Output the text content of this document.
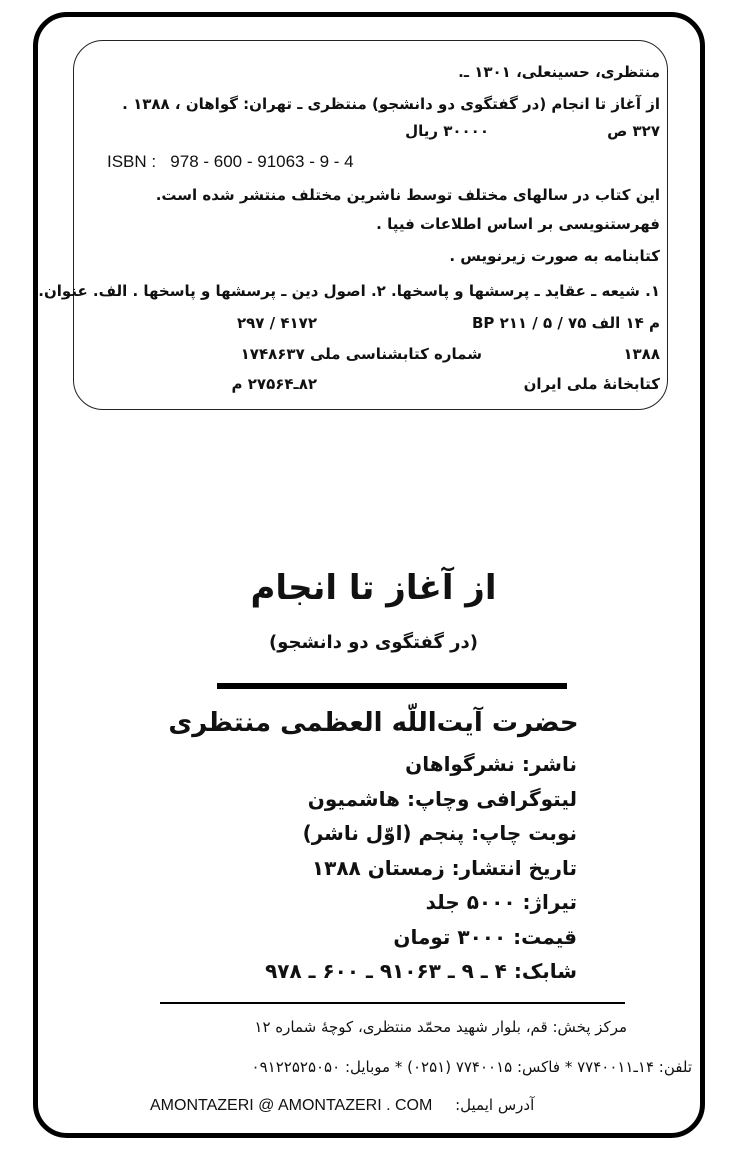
منتظری، حسینعلی، ۱۳۰۱ ـ.
از آغاز تا انجام (در گفتگوی دو دانشجو) منتظری ـ تهران: گواهان ، ۱۳۸۸ .
۳۲۷ ص
۳۰۰۰۰ ریال
ISBN : 978 - 600 - 91063 - 9 - 4
این کتاب در سالهای مختلف توسط ناشرین مختلف منتشر شده است.
فهرستنویسی بر اساس اطلاعات فیپا .
کتابنامه به صورت زیرنویس .
۱. شیعه ـ عقاید ـ پرسشها و پاسخها. ۲. اصول دین ـ پرسشها و پاسخها . الف. عنوان.
BP ۲۱۱ / ۵ / ۷۵ م ۱۴ الف
۲۹۷ / ۴۱۷۲
۱۳۸۸
شماره کتابشناسی ملی ۱۷۴۸۶۳۷
کتابخانهٔ ملی ایران
۸۲ـ۲۷۵۶۴ م
از آغاز تا انجام
(در گفتگوی دو دانشجو)
حضرت آیت‌اللّه العظمی منتظری
ناشر: نشرگواهان
لیتوگرافی وچاپ: هاشمیون
نوبت چاپ: پنجم (اوّل ناشر)
تاریخ انتشار: زمستان ۱۳۸۸
تیراژ: ۵۰۰۰ جلد
قیمت: ۳۰۰۰ تومان
شابک: ۴ ـ ۹ ـ ۹۱۰۶۳ ـ ۶۰۰ ـ ۹۷۸
مرکز پخش: قم، بلوار شهید محمّد منتظری، کوچهٔ شماره ۱۲
تلفن: ۱۴ـ۷۷۴۰۰۱۱ * فاکس: ۷۷۴۰۰۱۵ (۰۲۵۱) * موبایل: ۰۹۱۲۲۵۲۵۰۵۰
AMONTAZERI @ AMONTAZERI . COM آدرس ایمیل:
